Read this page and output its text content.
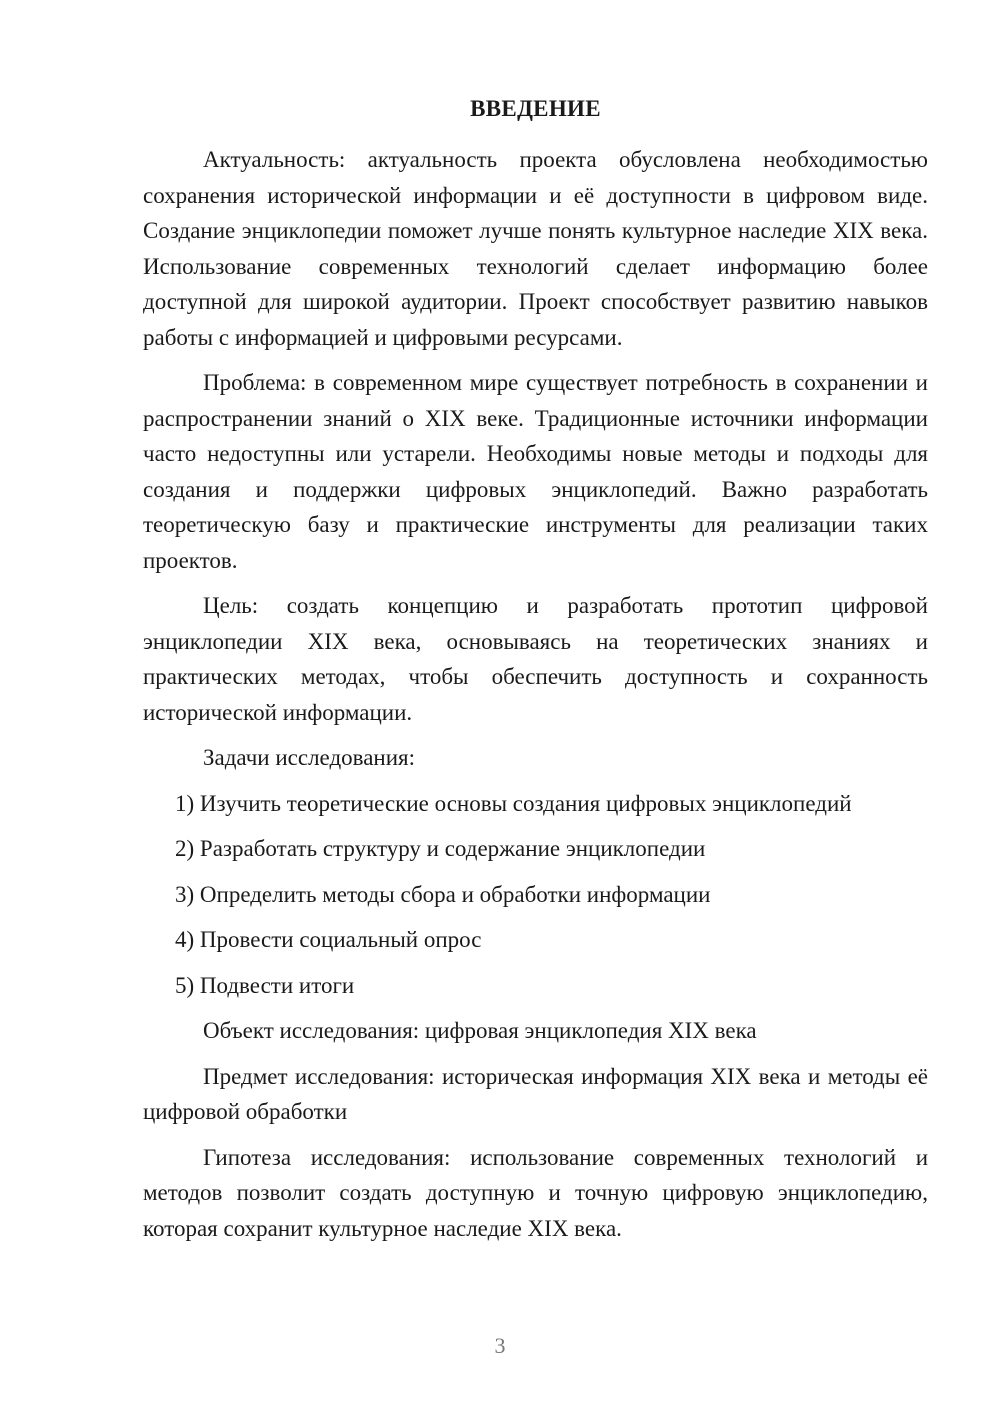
ВВЕДЕНИЕ

Актуальность: актуальность проекта обусловлена необходимостью сохранения исторической информации и её доступности в цифровом виде. Создание энциклопедии поможет лучше понять культурное наследие XIX века. Использование современных технологий сделает информацию более доступной для широкой аудитории. Проект способствует развитию навыков работы с информацией и цифровыми ресурсами.

Проблема: в современном мире существует потребность в сохранении и распространении знаний о XIX веке. Традиционные источники информации часто недоступны или устарели. Необходимы новые методы и подходы для создания и поддержки цифровых энциклопедий. Важно разработать теоретическую базу и практические инструменты для реализации таких проектов.

Цель: создать концепцию и разработать прототип цифровой энциклопедии XIX века, основываясь на теоретических знаниях и практических методах, чтобы обеспечить доступность и сохранность исторической информации.

Задачи исследования:

1) Изучить теоретические основы создания цифровых энциклопедий

2) Разработать структуру и содержание энциклопедии

3) Определить методы сбора и обработки информации

4) Провести социальный опрос

5) Подвести итоги

Объект исследования: цифровая энциклопедия XIX века

Предмет исследования: историческая информация XIX века и методы её цифровой обработки

Гипотеза исследования: использование современных технологий и методов позволит создать доступную и точную цифровую энциклопедию, которая сохранит культурное наследие XIX века.

3
